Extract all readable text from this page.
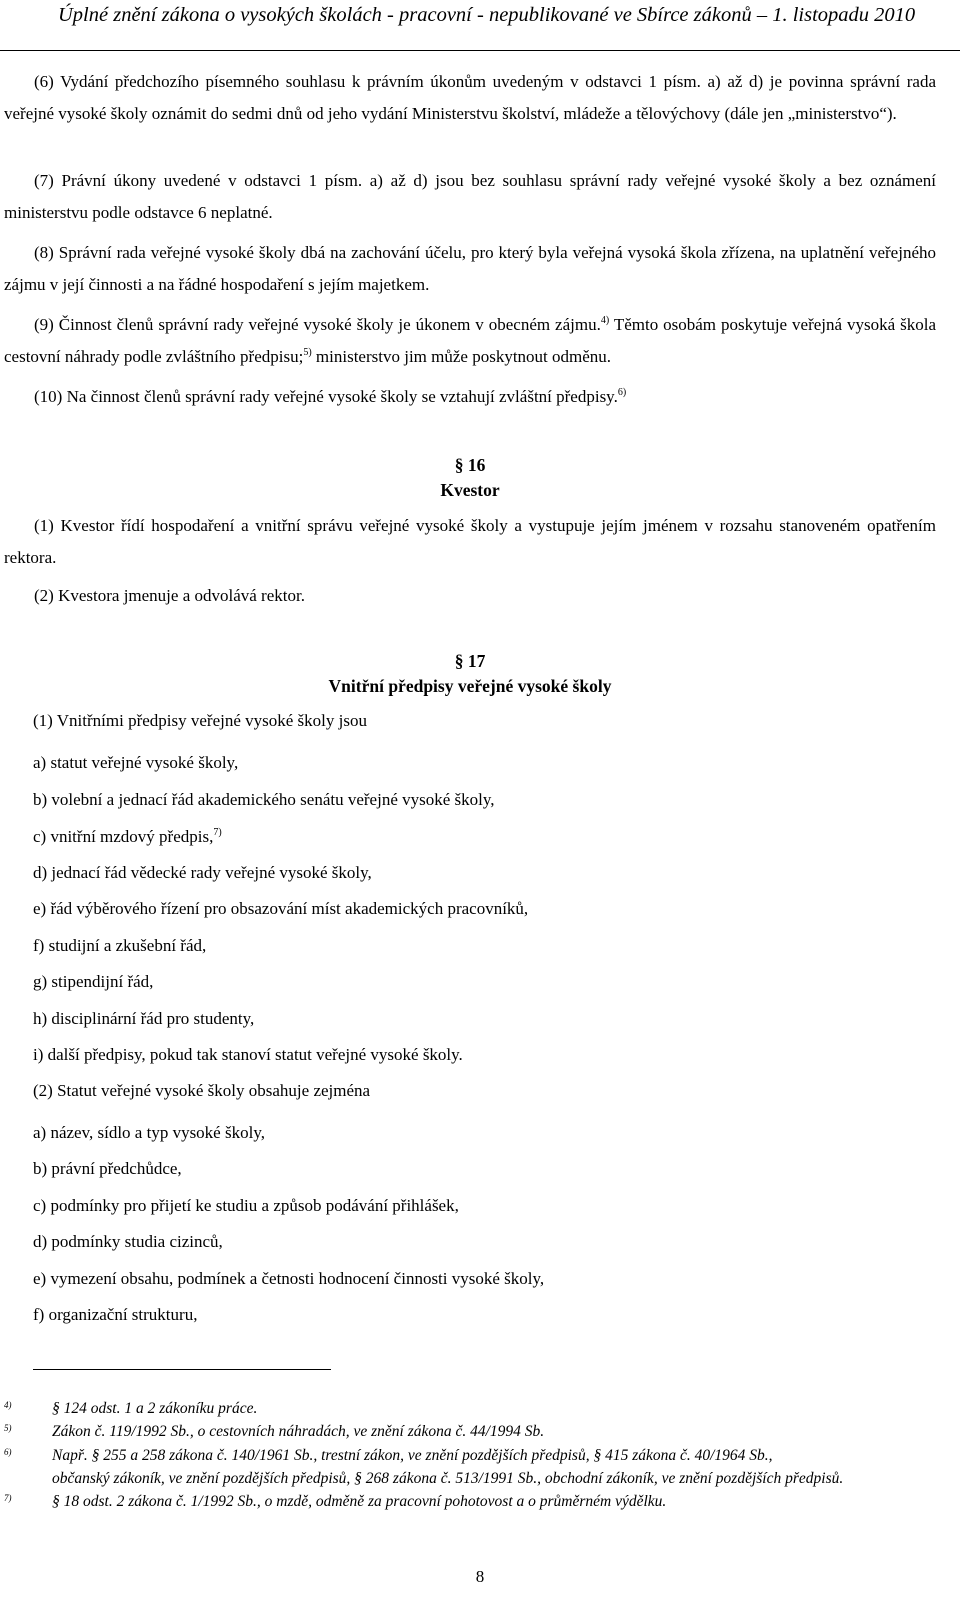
Úplné znění zákona o vysokých školách - pracovní - nepublikované ve Sbírce zákonů – 1. listopadu 2010

(6) Vydání předchozího písemného souhlasu k právním úkonům uvedeným v odstavci 1 písm. a) až d) je povinna správní rada veřejné vysoké školy oznámit do sedmi dnů od jeho vydání Ministerstvu školství, mládeže a tělovýchovy (dále jen „ministerstvo“).

(7) Právní úkony uvedené v odstavci 1 písm. a) až d) jsou bez souhlasu správní rady veřejné vysoké školy a bez oznámení ministerstvu podle odstavce 6 neplatné.

(8) Správní rada veřejné vysoké školy dbá na zachování účelu, pro který byla veřejná vysoká škola zřízena, na uplatnění veřejného zájmu v její činnosti a na řádné hospodaření s jejím majetkem.

(9) Činnost členů správní rady veřejné vysoké školy je úkonem v obecném zájmu.$^{4)}$ Těmto osobám poskytuje veřejná vysoká škola cestovní náhrady podle zvláštního předpisu;$^{5)}$ ministerstvo jim může poskytnout odměnu.

(10) Na činnost členů správní rady veřejné vysoké školy se vztahují zvláštní předpisy.$^{6)}$

§ 16
Kvestor

(1) Kvestor řídí hospodaření a vnitřní správu veřejné vysoké školy a vystupuje jejím jménem v rozsahu stanoveném opatřením rektora.

(2) Kvestora jmenuje a odvolává rektor.

§ 17
Vnitřní předpisy veřejné vysoké školy
(1) Vnitřními předpisy veřejné vysoké školy jsou
a) statut veřejné vysoké školy,
b) volební a jednací řád akademického senátu veřejné vysoké školy,
c) vnitřní mzdový předpis,$^{7)}$
d) jednací řád vědecké rady veřejné vysoké školy,
e) řád výběrového řízení pro obsazování míst akademických pracovníků,
f) studijní a zkušební řád,
g) stipendijní řád,
h) disciplinární řád pro studenty,
i) další předpisy, pokud tak stanoví statut veřejné vysoké školy.
(2) Statut veřejné vysoké školy obsahuje zejména
a) název, sídlo a typ vysoké školy,
b) právní předchůdce,
c) podmínky pro přijetí ke studiu a způsob podávání přihlášek,
d) podmínky studia cizinců,
e) vymezení obsahu, podmínek a četnosti hodnocení činnosti vysoké školy,
f) organizační strukturu,
4)	§ 124 odst. 1 a 2 zákoníku práce.
5)	Zákon č. 119/1992 Sb., o cestovních náhradách, ve znění zákona č. 44/1994 Sb.
6)	Např. § 255 a 258 zákona č. 140/1961 Sb., trestní zákon, ve znění pozdějších předpisů, § 415 zákona č. 40/1964 Sb.,
občanský zákoník, ve znění pozdějších předpisů, § 268 zákona č. 513/1991 Sb., obchodní zákoník, ve znění pozdějších předpisů.
7)	§ 18 odst. 2 zákona č. 1/1992 Sb., o mzdě, odměně za pracovní pohotovost a o průměrném výdělku.
8
